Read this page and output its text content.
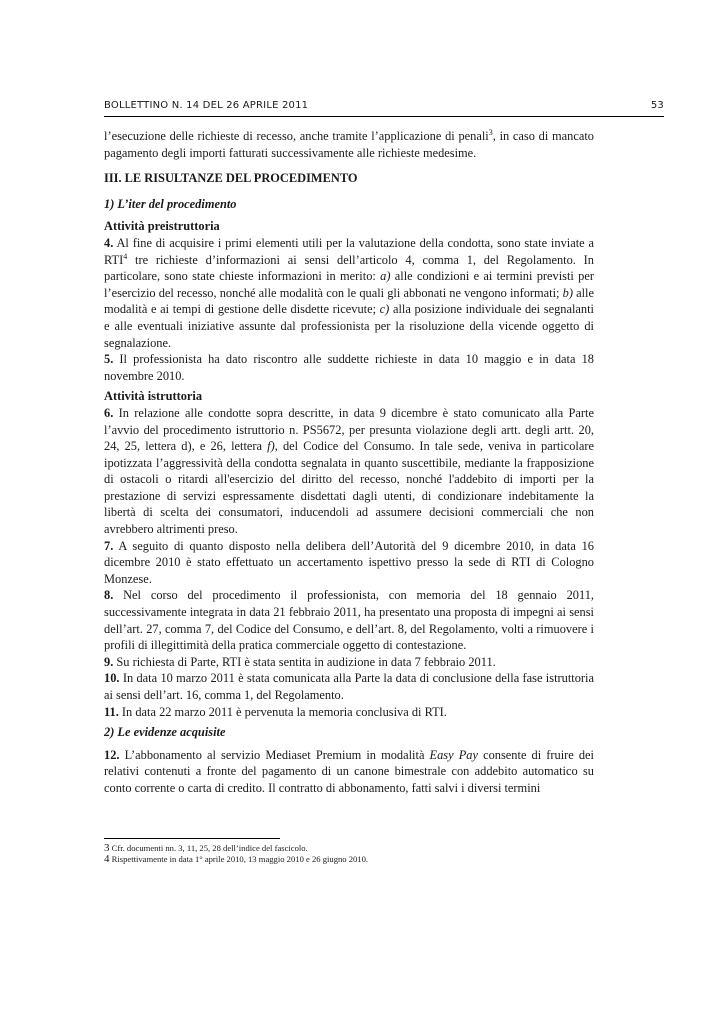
BOLLETTINO N. 14 DEL 26 APRILE 2011	53

l’esecuzione delle richieste di recesso, anche tramite l’applicazione di penali$^3$, in caso di mancato pagamento degli importi fatturati successivamente alle richieste medesime.

III. LE RISULTANZE DEL PROCEDIMENTO

1) L’iter del procedimento

Attività preistruttoria

4. Al fine di acquisire i primi elementi utili per la valutazione della condotta, sono state inviate a RTI$^4$ tre richieste d’informazioni ai sensi dell’articolo 4, comma 1, del Regolamento. In particolare, sono state chieste informazioni in merito: a) alle condizioni e ai termini previsti per l’esercizio del recesso, nonché alle modalità con le quali gli abbonati ne vengono informati; b) alle modalità e ai tempi di gestione delle disdette ricevute; c) alla posizione individuale dei segnalanti e alle eventuali iniziative assunte dal professionista per la risoluzione della vicende oggetto di segnalazione.

5. Il professionista ha dato riscontro alle suddette richieste in data 10 maggio e in data 18 novembre 2010.

Attività istruttoria

6. In relazione alle condotte sopra descritte, in data 9 dicembre è stato comunicato alla Parte l’avvio del procedimento istruttorio n. PS5672, per presunta violazione degli artt. degli artt. 20, 24, 25, lettera d), e 26, lettera f), del Codice del Consumo. In tale sede, veniva in particolare ipotizzata l’aggressività della condotta segnalata in quanto suscettibile, mediante la frapposizione di ostacoli o ritardi all'esercizio del diritto del recesso, nonché l'addebito di importi per la prestazione di servizi espressamente disdettati dagli utenti, di condizionare indebitamente la libertà di scelta dei consumatori, inducendoli ad assumere decisioni commerciali che non avrebbero altrimenti preso.

7. A seguito di quanto disposto nella delibera dell’Autorità del 9 dicembre 2010, in data 16 dicembre 2010 è stato effettuato un accertamento ispettivo presso la sede di RTI di Cologno Monzese.

8. Nel corso del procedimento il professionista, con memoria del 18 gennaio 2011, successivamente integrata in data 21 febbraio 2011, ha presentato una proposta di impegni ai sensi dell’art. 27, comma 7, del Codice del Consumo, e dell’art. 8, del Regolamento, volti a rimuovere i profili di illegittimità della pratica commerciale oggetto di contestazione.

9. Su richiesta di Parte, RTI è stata sentita in audizione in data 7 febbraio 2011.

10. In data 10 marzo 2011 è stata comunicata alla Parte la data di conclusione della fase istruttoria ai sensi dell’art. 16, comma 1, del Regolamento.

11. In data 22 marzo 2011 è pervenuta la memoria conclusiva di RTI.

2) Le evidenze acquisite

12. L’abbonamento al servizio Mediaset Premium in modalità Easy Pay consente di fruire dei relativi contenuti a fronte del pagamento di un canone bimestrale con addebito automatico su conto corrente o carta di credito. Il contratto di abbonamento, fatti salvi i diversi termini

3 Cfr. documenti nn. 3, 11, 25, 28 dell’indice del fascicolo.

4 Rispettivamente in data 1° aprile 2010, 13 maggio 2010 e 26 giugno 2010.
